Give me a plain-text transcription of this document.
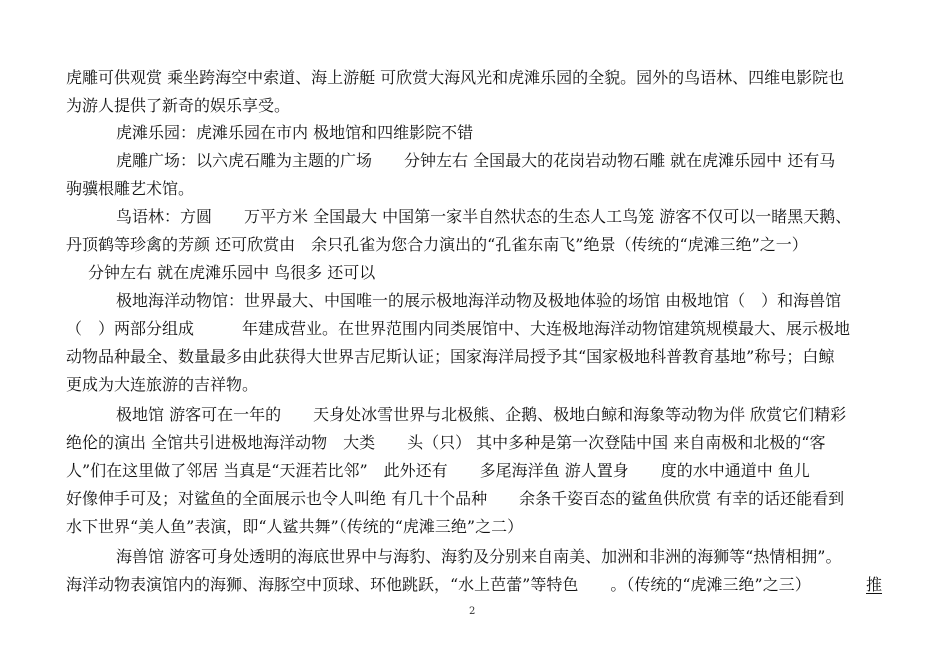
虎雕可供观赏 乘坐跨海空中索道、海上游艇 可欣赏大海风光和虎滩乐园的全貌。园外的鸟语林、四维电影院也
为游人提供了新奇的娱乐享受。
虎滩乐园：虎滩乐园在市内 极地馆和四维影院不错
虎雕广场：以六虎石雕为主题的广场　　分钟左右 全国最大的花岗岩动物石雕 就在虎滩乐园中 还有马
驹骥根雕艺术馆。
鸟语林：方圆　　万平方米 全国最大 中国第一家半自然状态的生态人工鸟笼 游客不仅可以一睹黑天鹅、
丹顶鹤等珍禽的芳颜 还可欣赏由　余只孔雀为您合力演出的“孔雀东南飞”绝景（传统的“虎滩三绝”之一）
分钟左右 就在虎滩乐园中 鸟很多 还可以
极地海洋动物馆：世界最大、中国唯一的展示极地海洋动物及极地体验的场馆 由极地馆（　）和海兽馆
（　）两部分组成　　　年建成营业。在世界范围内同类展馆中、大连极地海洋动物馆建筑规模最大、展示极地
动物品种最全、数量最多由此获得大世界吉尼斯认证；国家海洋局授予其“国家极地科普教育基地”称号；白鲸
更成为大连旅游的吉祥物。
极地馆 游客可在一年的　　天身处冰雪世界与北极熊、企鹅、极地白鲸和海象等动物为伴 欣赏它们精彩
绝伦的演出 全馆共引进极地海洋动物　大类　　头（只） 其中多种是第一次登陆中国 来自南极和北极的“客
人”们在这里做了邻居 当真是“天涯若比邻”　此外还有　　多尾海洋鱼 游人置身　　度的水中通道中 鱼儿
好像伸手可及；对鲨鱼的全面展示也令人叫绝 有几十个品种　　余条千姿百态的鲨鱼供欣赏 有幸的话还能看到
水下世界“美人鱼”表演，即“人鲨共舞”（传统的“虎滩三绝”之二）
海兽馆 游客可身处透明的海底世界中与海豹、海豹及分别来自南美、加洲和非洲的海狮等“热情相拥”。
海洋动物表演馆内的海狮、海豚空中顶球、环他跳跃，“水上芭蕾”等特色　　。（传统的“虎滩三绝”之三）	推
2
